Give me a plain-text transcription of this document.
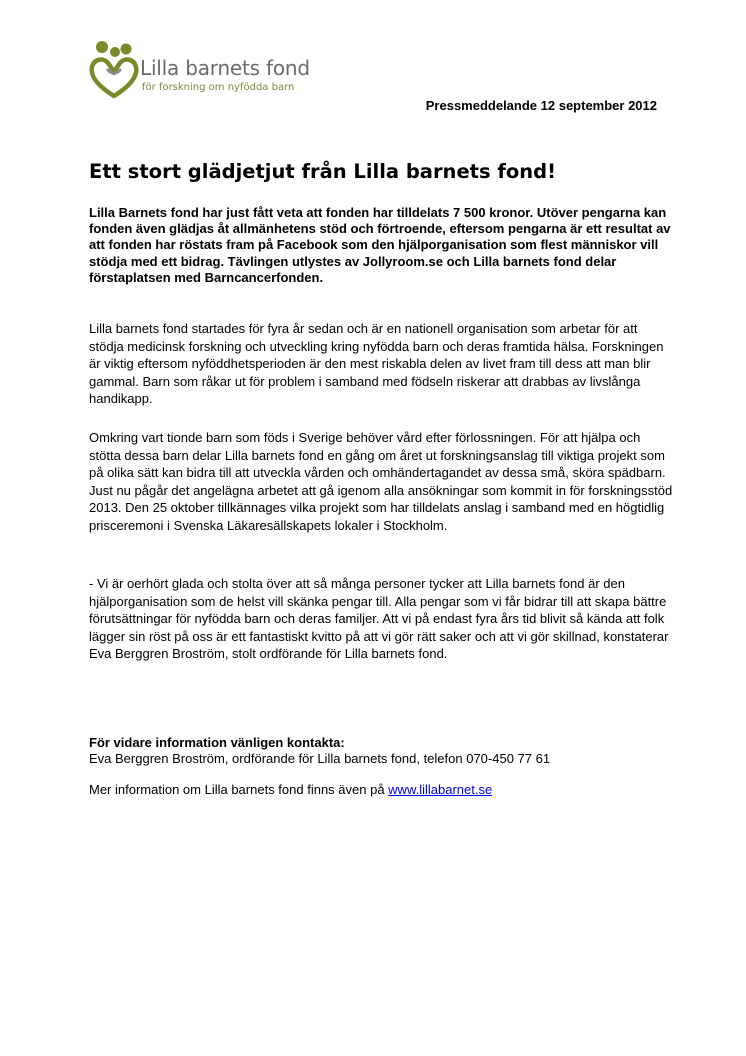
Lilla barnets fond
för forskning om nyfödda barn
Pressmeddelande 12 september 2012
Ett stort glädjetjut från Lilla barnets fond!

Lilla Barnets fond har just fått veta att fonden har tilldelats 7 500 kronor. Utöver pengarna kan fonden även glädjas åt allmänhetens stöd och förtroende, eftersom pengarna är ett resultat av att fonden har röstats fram på Facebook som den hjälporganisation som flest människor vill stödja med ett bidrag. Tävlingen utlystes av Jollyroom.se och Lilla barnets fond delar förstaplatsen med Barncancerfonden.

Lilla barnets fond startades för fyra år sedan och är en nationell organisation som arbetar för att stödja medicinsk forskning och utveckling kring nyfödda barn och deras framtida hälsa. Forskningen är viktig eftersom nyföddhetsperioden är den mest riskabla delen av livet fram till dess att man blir gammal. Barn som råkar ut för problem i samband med födseln riskerar att drabbas av livslånga handikapp.

Omkring vart tionde barn som föds i Sverige behöver vård efter förlossningen. För att hjälpa och stötta dessa barn delar Lilla barnets fond en gång om året ut forskningsanslag till viktiga projekt som på olika sätt kan bidra till att utveckla vården och omhändertagandet av dessa små, sköra spädbarn. Just nu pågår det angelägna arbetet att gå igenom alla ansökningar som kommit in för forskningsstöd 2013. Den 25 oktober tillkännages vilka projekt som har tilldelats anslag i samband med en högtidlig prisceremoni i Svenska Läkaresällskapets lokaler i Stockholm.

- Vi är oerhört glada och stolta över att så många personer tycker att Lilla barnets fond är den hjälporganisation som de helst vill skänka pengar till. Alla pengar som vi får bidrar till att skapa bättre förutsättningar för nyfödda barn och deras familjer. Att vi på endast fyra års tid blivit så kända att folk lägger sin röst på oss är ett fantastiskt kvitto på att vi gör rätt saker och att vi gör skillnad, konstaterar Eva Berggren Broström, stolt ordförande för Lilla barnets fond.

För vidare information vänligen kontakta:

Eva Berggren Broström, ordförande för Lilla barnets fond, telefon 070-450 77 61

Mer information om Lilla barnets fond finns även på www.lillabarnet.se
